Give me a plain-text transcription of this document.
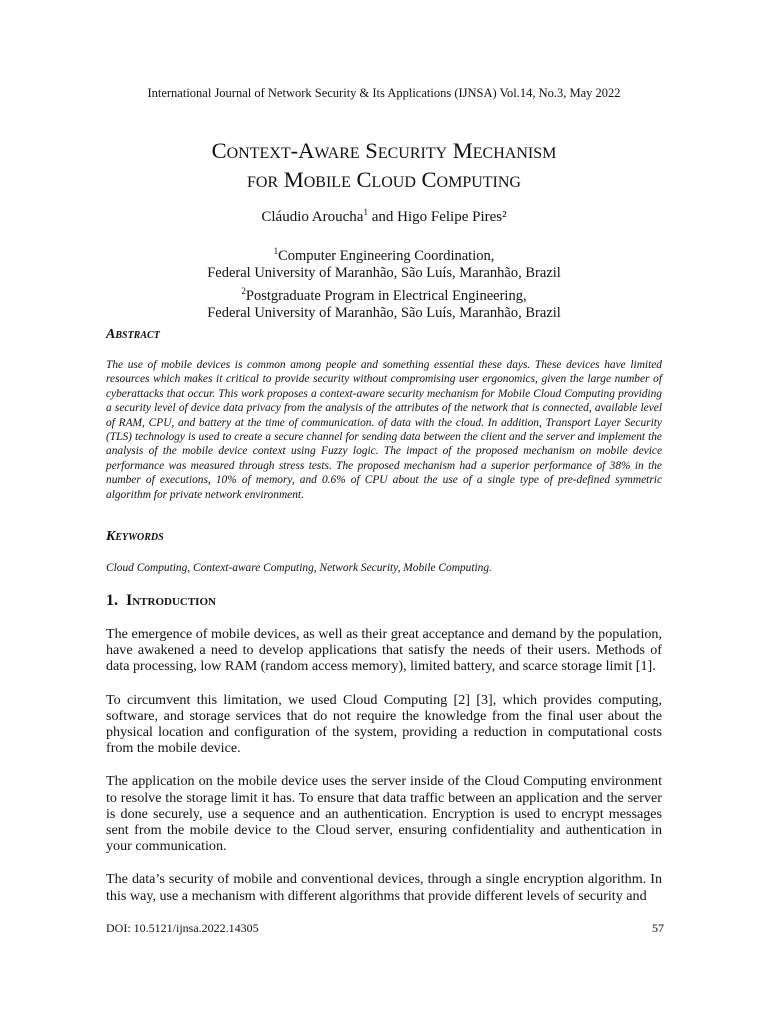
International Journal of Network Security & Its Applications (IJNSA) Vol.14, No.3, May 2022
Context-Aware Security Mechanism
for Mobile Cloud Computing
Cláudio Aroucha$^1$ and Higo Felipe Pires²
$^1$Computer Engineering Coordination,
Federal University of Maranhão, São Luís, Maranhão, Brazil
$^2$Postgraduate Program in Electrical Engineering,
Federal University of Maranhão, São Luís, Maranhão, Brazil
Abstract
The use of mobile devices is common among people and something essential these days. These devices have limited resources which makes it critical to provide security without compromising user ergonomics, given the large number of cyberattacks that occur. This work proposes a context-aware security mechanism for Mobile Cloud Computing providing a security level of device data privacy from the analysis of the attributes of the network that is connected, available level of RAM, CPU, and battery at the time of communication. of data with the cloud. In addition, Transport Layer Security (TLS) technology is used to create a secure channel for sending data between the client and the server and implement the analysis of the mobile device context using Fuzzy logic. The impact of the proposed mechanism on mobile device performance was measured through stress tests. The proposed mechanism had a superior performance of 38% in the number of executions, 10% of memory, and 0.6% of CPU about the use of a single type of pre-defined symmetric algorithm for private network environment.
Keywords
Cloud Computing, Context-aware Computing, Network Security, Mobile Computing.
1. Introduction

The emergence of mobile devices, as well as their great acceptance and demand by the population, have awakened a need to develop applications that satisfy the needs of their users. Methods of data processing, low RAM (random access memory), limited battery, and scarce storage limit [1].

To circumvent this limitation, we used Cloud Computing [2] [3], which provides computing, software, and storage services that do not require the knowledge from the final user about the physical location and configuration of the system, providing a reduction in computational costs from the mobile device.

The application on the mobile device uses the server inside of the Cloud Computing environment to resolve the storage limit it has. To ensure that data traffic between an application and the server is done securely, use a sequence and an authentication. Encryption is used to encrypt messages sent from the mobile device to the Cloud server, ensuring confidentiality and authentication in your communication.

The data’s security of mobile and conventional devices, through a single encryption algorithm. In this way, use a mechanism with different algorithms that provide different levels of security and

DOI: 10.5121/ijnsa.2022.14305	57
